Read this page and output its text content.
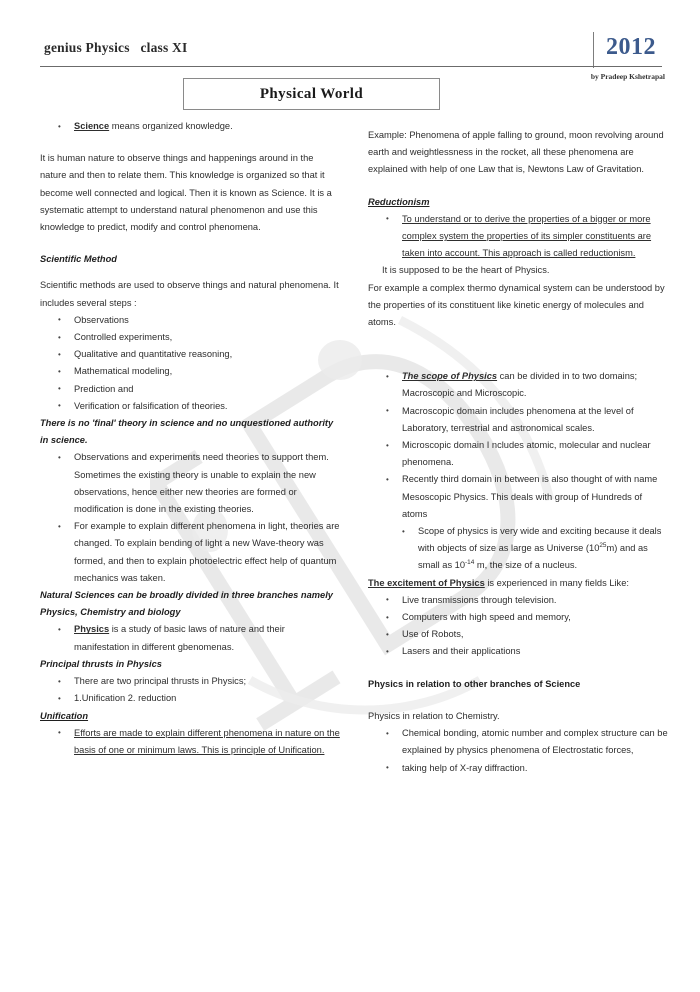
genius Physics class XI	2012
by Pradeep Kshetrapal
Physical World
• Science means organized knowledge.

It is human nature to observe things and happenings around in the nature and then to relate them. This knowledge is organized so that it become well connected and logical. Then it is known as Science. It is a systematic attempt to understand natural phenomenon and use this knowledge to predict, modify and control phenomena.

Scientific Method

Scientific methods are used to observe things and natural phenomena. It includes several steps :

• Observations
• Controlled experiments,
• Qualitative and quantitative reasoning,
• Mathematical modeling,
• Prediction and
• Verification or falsification of theories.

There is no 'final' theory in science and no unquestioned authority in science.

• Observations and experiments need theories to support them. Sometimes the existing theory is unable to explain the new observations, hence either new theories are formed or modification is done in the existing theories.
• For example to explain different phenomena in light, theories are changed. To explain bending of light a new Wave-theory was formed, and then to explain photoelectric effect help of quantum mechanics was taken.

Natural Sciences can be broadly divided in three branches namely Physics, Chemistry and biology

• Physics is a study of basic laws of nature and their manifestation in different gbenomenas.

Principal thrusts in Physics

• There are two principal thrusts in Physics;
• 1.Unification 2. reduction

Unification

• Efforts are made to explain different phenomena in nature on the basis of one or minimum laws. This is principle of Unification.

Example: Phenomena of apple falling to ground, moon revolving around earth and weightlessness in the rocket, all these phenomena are explained with help of one Law that is, Newtons Law of Gravitation.

Reductionism

• To understand or to derive the properties of a bigger or more complex system the properties of its simpler constituents are taken into account. This approach is called reductionism.

It is supposed to be the heart of Physics.

For example a complex thermo dynamical system can be understood by the properties of its constituent like kinetic energy of molecules and atoms.

• The scope of Physics can be divided in to two domains; Macroscopic and Microscopic.
• Macroscopic domain includes phenomena at the level of Laboratory, terrestrial and astronomical scales.
• Microscopic domain I ncludes atomic, molecular and nuclear phenomena.
• Recently third domain in between is also thought of with name Mesoscopic Physics. This deals with group of Hundreds of atoms
• Scope of physics is very wide and exciting because it deals with objects of size as large as Universe $(10^{25}m)$ and as small as $10^{-14}$ m, the size of a nucleus.

The excitement of Physics is experienced in many fields Like:

• Live transmissions through television.
• Computers with high speed and memory,
• Use of Robots,
• Lasers and their applications

Physics in relation to other branches of Science

Physics in relation to Chemistry.

• Chemical bonding, atomic number and complex structure can be explained by physics phenomena of Electrostatic forces,
• taking help of X-ray diffraction.
